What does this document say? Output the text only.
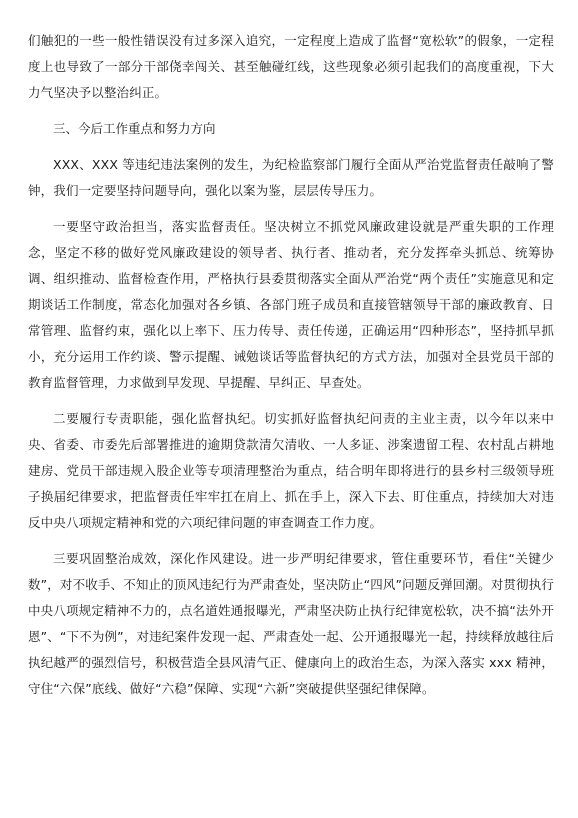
们触犯的一些一般性错误没有过多深入追究，一定程度上造成了监督“宽松软”的假象，一定程度上也导致了一部分干部侥幸闯关、甚至触碰红线，这些现象必须引起我们的高度重视，下大力气坚决予以整治纠正。

三、今后工作重点和努力方向

XXX、XXX 等违纪违法案例的发生，为纪检监察部门履行全面从严治党监督责任敲响了警钟，我们一定要坚持问题导向，强化以案为鉴，层层传导压力。

一要坚守政治担当，落实监督责任。坚决树立不抓党风廉政建设就是严重失职的工作理念，坚定不移的做好党风廉政建设的领导者、执行者、推动者，充分发挥牵头抓总、统筹协调、组织推动、监督检查作用，严格执行县委贯彻落实全面从严治党“两个责任”实施意见和定期谈话工作制度，常态化加强对各乡镇、各部门班子成员和直接管辖领导干部的廉政教育、日常管理、监督约束，强化以上率下、压力传导、责任传递，正确运用“四种形态”，坚持抓早抓小，充分运用工作约谈、警示提醒、诫勉谈话等监督执纪的方式方法，加强对全县党员干部的教育监督管理，力求做到早发现、早提醒、早纠正、早查处。

二要履行专责职能，强化监督执纪。切实抓好监督执纪问责的主业主责，以今年以来中央、省委、市委先后部署推进的逾期贷款清欠清收、一人多证、涉案遗留工程、农村乱占耕地建房、党员干部违规入股企业等专项清理整治为重点，结合明年即将进行的县乡村三级领导班子换届纪律要求，把监督责任牢牢扛在肩上、抓在手上，深入下去、盯住重点，持续加大对违反中央八项规定精神和党的六项纪律问题的审查调查工作力度。

三要巩固整治成效，深化作风建设。进一步严明纪律要求，管住重要环节，看住“关键少数”，对不收手、不知止的顶风违纪行为严肃查处，坚决防止“四风”问题反弹回潮。对贯彻执行中央八项规定精神不力的，点名道姓通报曝光，严肃坚决防止执行纪律宽松软，决不搞“法外开恩”、“下不为例”，对违纪案件发现一起、严肃查处一起、公开通报曝光一起，持续释放越往后执纪越严的强烈信号，积极营造全县风清气正、健康向上的政治生态，为深入落实 xxx 精神，守住“六保”底线、做好“六稳”保障、实现“六新”突破提供坚强纪律保障。
